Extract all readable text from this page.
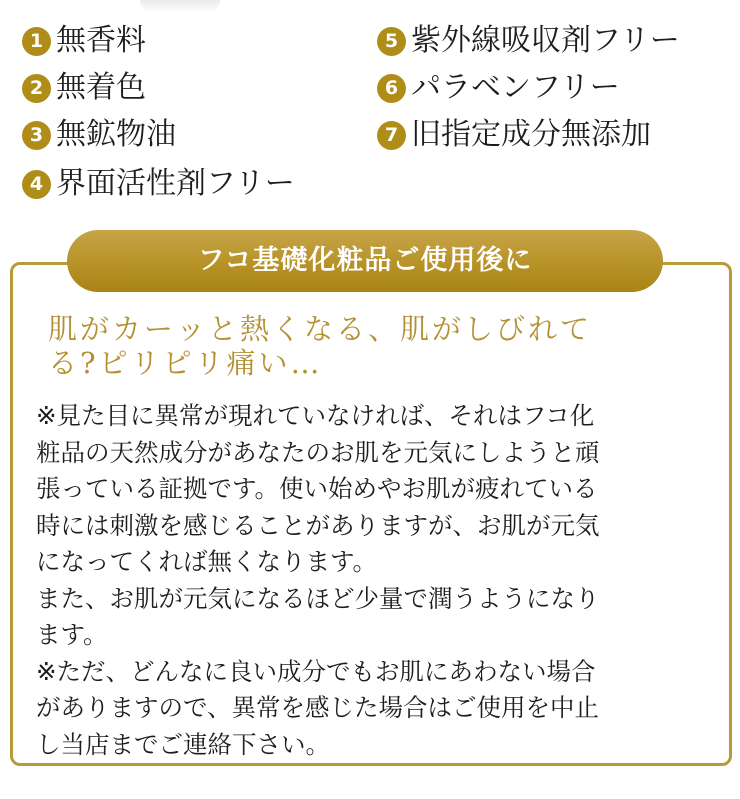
1 無香料
2 無着色
3 無鉱物油
4 界面活性剤フリー
5 紫外線吸収剤フリー
6 パラベンフリー
7 旧指定成分無添加
フコ基礎化粧品ご使用後に
肌がカーッと熱くなる、肌がしびれて
る?ピリピリ痛い…

※見た目に異常が現れていなければ、それはフコ化

粧品の天然成分があなたのお肌を元気にしようと頑

張っている証拠です。使い始めやお肌が疲れている

時には刺激を感じることがありますが、お肌が元気

になってくれば無くなります。

また、お肌が元気になるほど少量で潤うようになり

ます。

※ただ、どんなに良い成分でもお肌にあわない場合

がありますので、異常を感じた場合はご使用を中止

し当店までご連絡下さい。
